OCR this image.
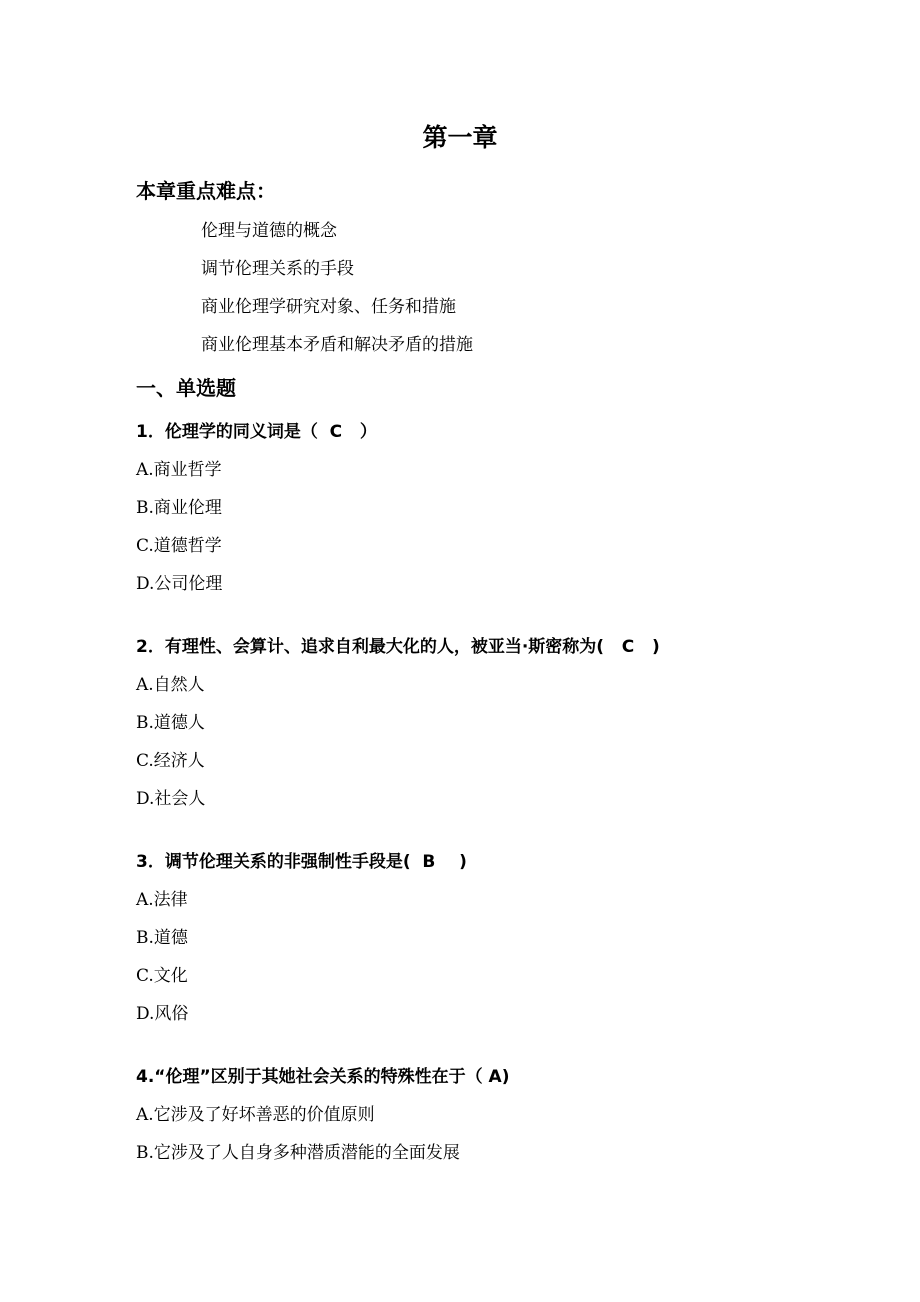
第一章
本章重点难点：
伦理与道德的概念
调节伦理关系的手段
商业伦理学研究对象、任务和措施
商业伦理基本矛盾和解决矛盾的措施
一、单选题
1．伦理学的同义词是（  C   ）
A.商业哲学
B.商业伦理
C.道德哲学
D.公司伦理
2．有理性、会算计、追求自利最大化的人，被亚当·斯密称为(   C   )
A.自然人
B.道德人
C.经济人
D.社会人
3．调节伦理关系的非强制性手段是(  B    )
A.法律
B.道德
C.文化
D.风俗
4.“伦理”区别于其她社会关系的特殊性在于（ A)
A.它涉及了好坏善恶的价值原则
B.它涉及了人自身多种潜质潜能的全面发展
